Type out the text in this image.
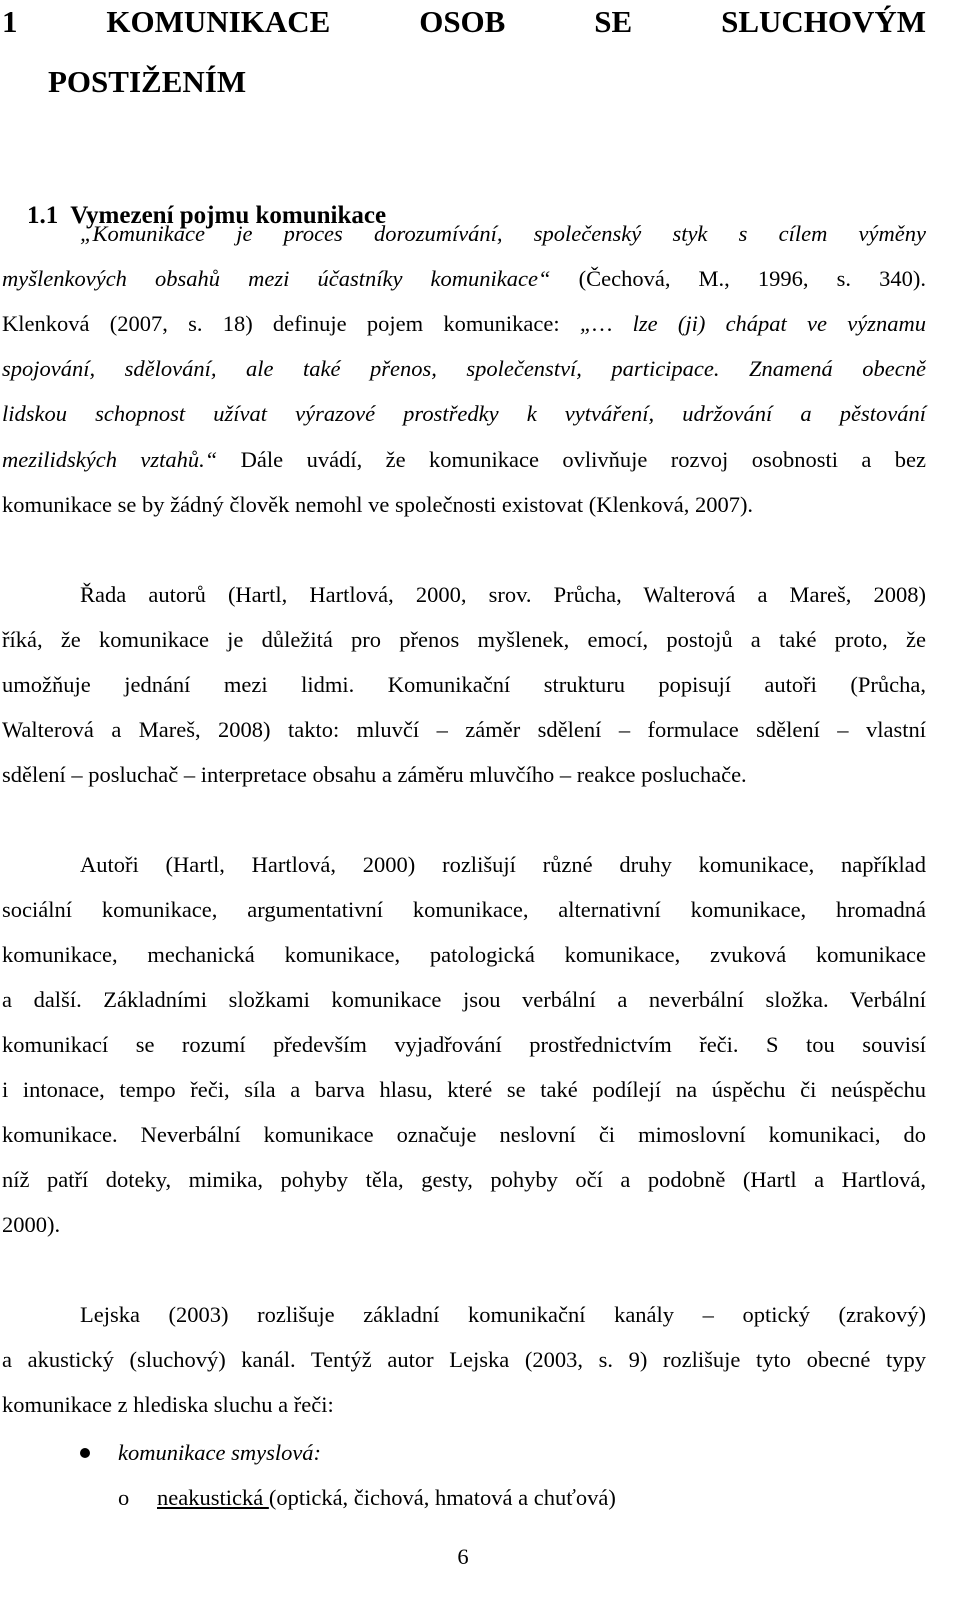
1	KOMUNIKACE	OSOB	SE	SLUCHOVÝM
POSTIŽENÍM

1.1  Vymezení pojmu komunikace

„Komunikace je proces dorozumívání, společenský styk s cílem výměny
myšlenkových obsahů mezi účastníky komunikace“ (Čechová, M., 1996, s. 340).
Klenková (2007, s. 18) definuje pojem komunikace: „… lze (ji) chápat ve významu
spojování, sdělování, ale také přenos, společenství, participace. Znamená obecně
lidskou schopnost užívat výrazové prostředky k vytváření, udržování a pěstování
mezilidských vztahů.“ Dále uvádí, že komunikace ovlivňuje rozvoj osobnosti a bez
komunikace se by žádný člověk nemohl ve společnosti existovat (Klenková, 2007).
Řada autorů (Hartl, Hartlová, 2000, srov. Průcha, Walterová a Mareš, 2008)
říká, že komunikace je důležitá pro přenos myšlenek, emocí, postojů a také proto, že
umožňuje jednání mezi lidmi. Komunikační strukturu popisují autoři (Průcha,
Walterová a Mareš, 2008) takto: mluvčí – záměr sdělení – formulace sdělení – vlastní
sdělení – posluchač – interpretace obsahu a záměru mluvčího – reakce posluchače.
Autoři (Hartl, Hartlová, 2000) rozlišují různé druhy komunikace, například
sociální komunikace, argumentativní komunikace, alternativní komunikace, hromadná
komunikace, mechanická komunikace, patologická komunikace, zvuková komunikace
a další. Základními složkami komunikace jsou verbální a neverbální složka. Verbální
komunikací se rozumí především vyjadřování prostřednictvím řeči. S tou souvisí
i intonace, tempo řeči, síla a barva hlasu, které se také podílejí na úspěchu či neúspěchu
komunikace. Neverbální komunikace označuje neslovní či mimoslovní komunikaci, do
níž patří doteky, mimika, pohyby těla, gesty, pohyby očí a podobně (Hartl a Hartlová,
2000).
Lejska (2003) rozlišuje základní komunikační kanály – optický (zrakový)
a akustický (sluchový) kanál. Tentýž autor Lejska (2003, s. 9) rozlišuje tyto obecné typy
komunikace z hlediska sluchu a řeči:
komunikace smyslová:
o	neakustická (optická, čichová, hmatová a chuťová)
6
